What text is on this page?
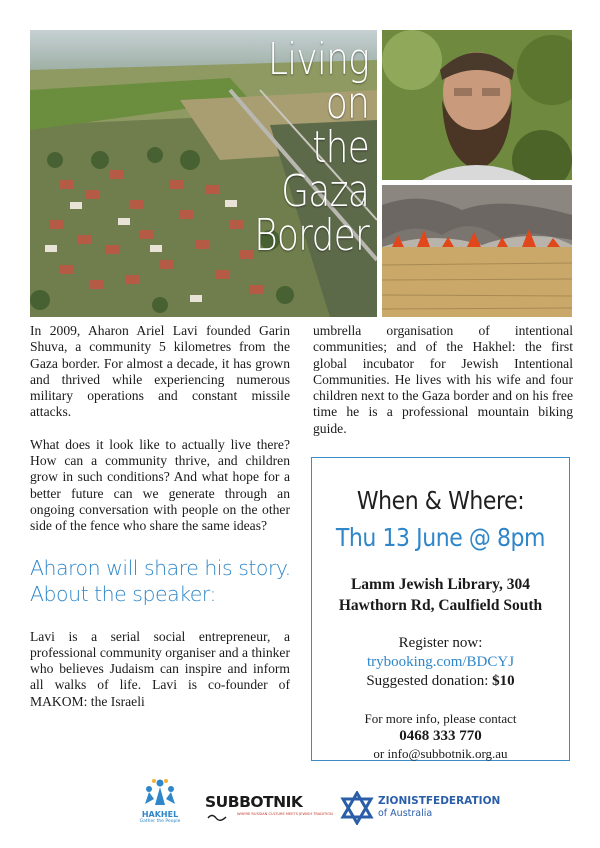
Living
on
the
Gaza
Border

In 2009, Aharon Ariel Lavi founded Garin Shuva, a community 5 kilometres from the Gaza border. For almost a decade, it has grown and thrived while experiencing numerous military operations and constant missile attacks.

What does it look like to actually live there? How can a community thrive, and children grow in such conditions? And what hope for a better future can we generate through an ongoing conversation with people on the other side of the fence who share the same ideas?

Aharon will share his story.
About the speaker:

Lavi is a serial social entrepreneur, a professional community organiser and a thinker who believes Judaism can inspire and inform all walks of life. Lavi is co-founder of MAKOM: the Israeli

umbrella organisation of intentional communities; and of the Hakhel: the first global incubator for Jewish Intentional Communities. He lives with his wife and four children next to the Gaza border and on his free time he is a professional mountain biking guide.

When & Where:
Thu 13 June @ 8pm
Lamm Jewish Library, 304
Hawthorn Rd, Caulfield South
Register now:
trybooking.com/BDCYJ
Suggested donation: $10
For more info, please contact
0468 333 770
or info@subbotnik.org.au
HAKHEL
Gather the People
SUBBOTNIK
WHERE RUSSIAN CULTURE MEETS JEWISH TRADITION
ZIONISTFEDERATION
of Australia
